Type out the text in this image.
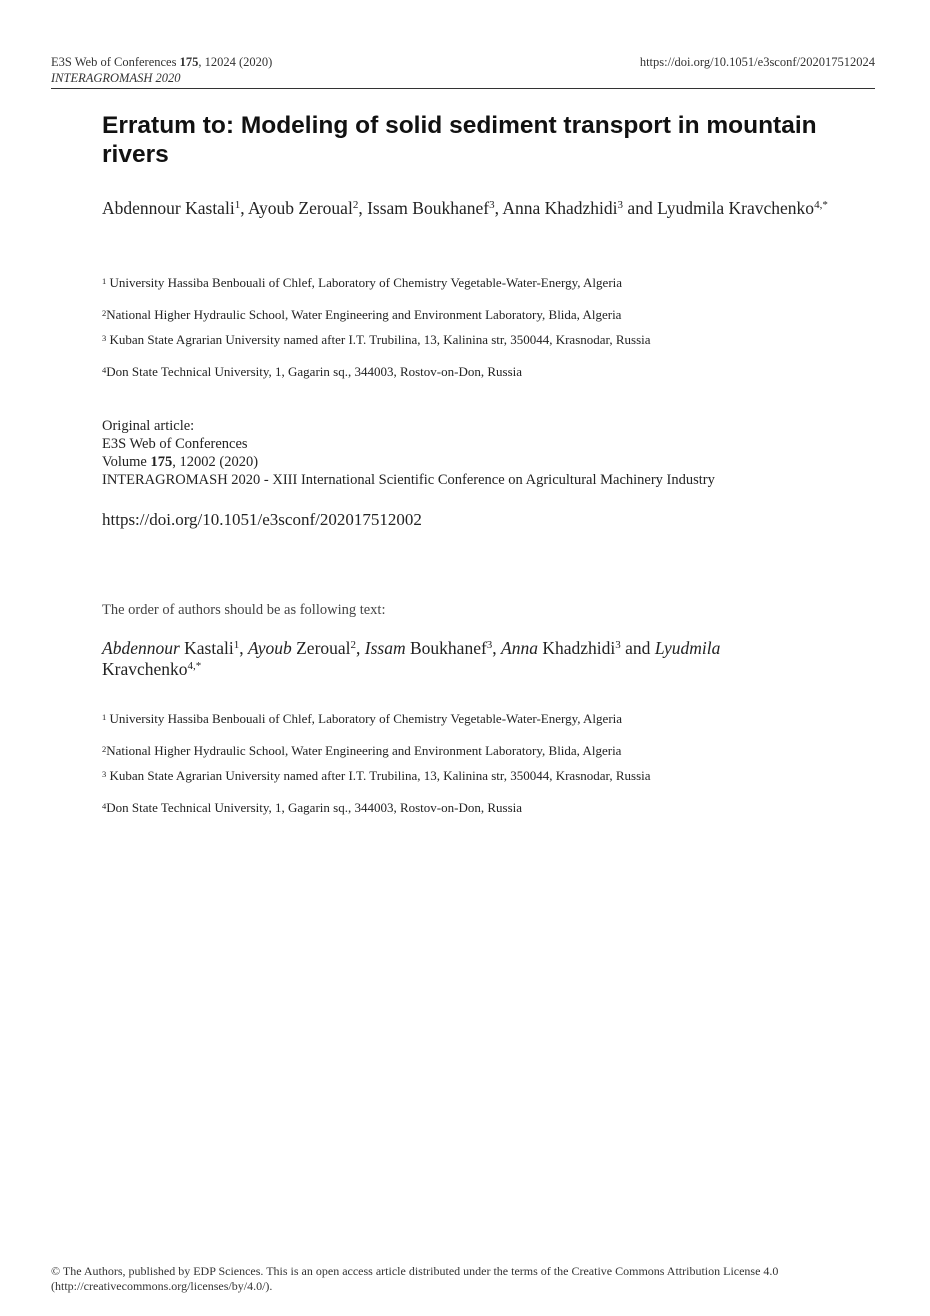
E3S Web of Conferences 175, 12024 (2020)
INTERAGROMASH 2020
https://doi.org/10.1051/e3sconf/202017512024
Erratum to: Modeling of solid sediment transport in mountain rivers
Abdennour Kastali$^1$, Ayoub Zeroual$^2$, Issam Boukhanef$^3$, Anna Khadzhidi$^3$ and Lyudmila Kravchenko$^{4,*}$
$^1$ University Hassiba Benbouali of Chlef, Laboratory of Chemistry Vegetable-Water-Energy, Algeria
$^2$National Higher Hydraulic School, Water Engineering and Environment Laboratory, Blida, Algeria
$^3$ Kuban State Agrarian University named after I.T. Trubilina, 13, Kalinina str, 350044, Krasnodar, Russia
$^4$Don State Technical University, 1, Gagarin sq., 344003, Rostov-on-Don, Russia
Original article:
E3S Web of Conferences
Volume 175, 12002 (2020)
INTERAGROMASH 2020 - XIII International Scientific Conference on Agricultural Machinery Industry
https://doi.org/10.1051/e3sconf/202017512002
The order of authors should be as following text:
Abdennour Kastali$^1$, Ayoub Zeroual$^2$, Issam Boukhanef$^3$, Anna Khadzhidi$^3$ and Lyudmila
Kravchenko$^{4,*}$
$^1$ University Hassiba Benbouali of Chlef, Laboratory of Chemistry Vegetable-Water-Energy, Algeria
$^2$National Higher Hydraulic School, Water Engineering and Environment Laboratory, Blida, Algeria
$^3$ Kuban State Agrarian University named after I.T. Trubilina, 13, Kalinina str, 350044, Krasnodar, Russia
$^4$Don State Technical University, 1, Gagarin sq., 344003, Rostov-on-Don, Russia
© The Authors, published by EDP Sciences. This is an open access article distributed under the terms of the Creative Commons Attribution License 4.0
(http://creativecommons.org/licenses/by/4.0/).
